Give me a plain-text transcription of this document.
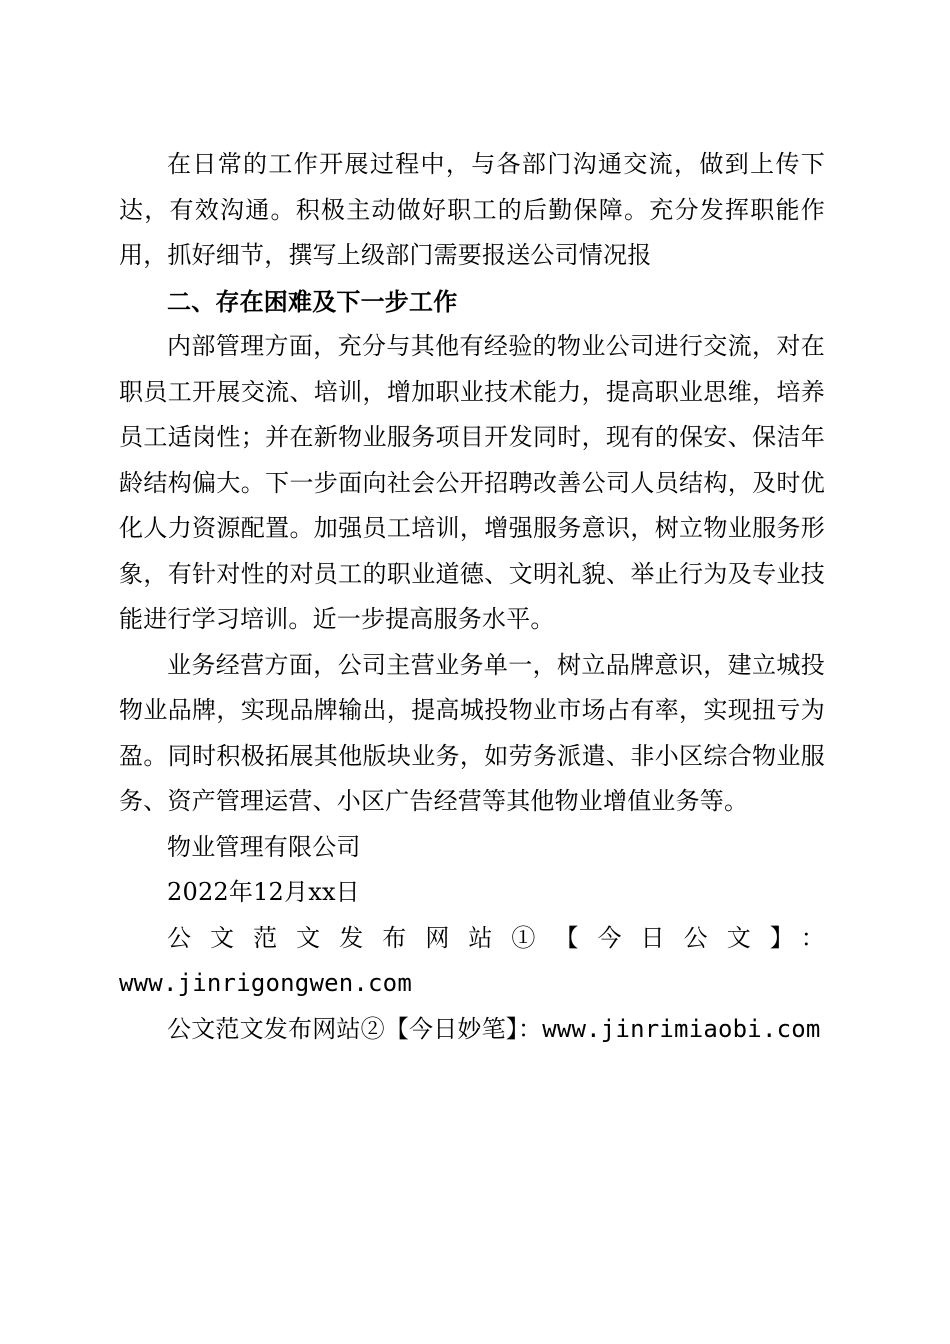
在日常的工作开展过程中，与各部门沟通交流，做到上传下达，有效沟通。积极主动做好职工的后勤保障。充分发挥职能作用，抓好细节，撰写上级部门需要报送公司情况报

二、存在困难及下一步工作

内部管理方面，充分与其他有经验的物业公司进行交流，对在职员工开展交流、培训，增加职业技术能力，提高职业思维，培养员工适岗性；并在新物业服务项目开发同时，现有的保安、保洁年龄结构偏大。下一步面向社会公开招聘改善公司人员结构，及时优化人力资源配置。加强员工培训，增强服务意识，树立物业服务形象，有针对性的对员工的职业道德、文明礼貌、举止行为及专业技能进行学习培训。近一步提高服务水平。

业务经营方面，公司主营业务单一，树立品牌意识，建立城投物业品牌，实现品牌输出，提高城投物业市场占有率，实现扭亏为盈。同时积极拓展其他版块业务，如劳务派遣、非小区综合物业服务、资产管理运营、小区广告经营等其他物业增值业务等。

物业管理有限公司

2022年12月xx日

公文范文发布网站①【今日公文】：www.jinrigongwen.com

公文范文发布网站②【今日妙笔】：www.jinrimiaobi.com
